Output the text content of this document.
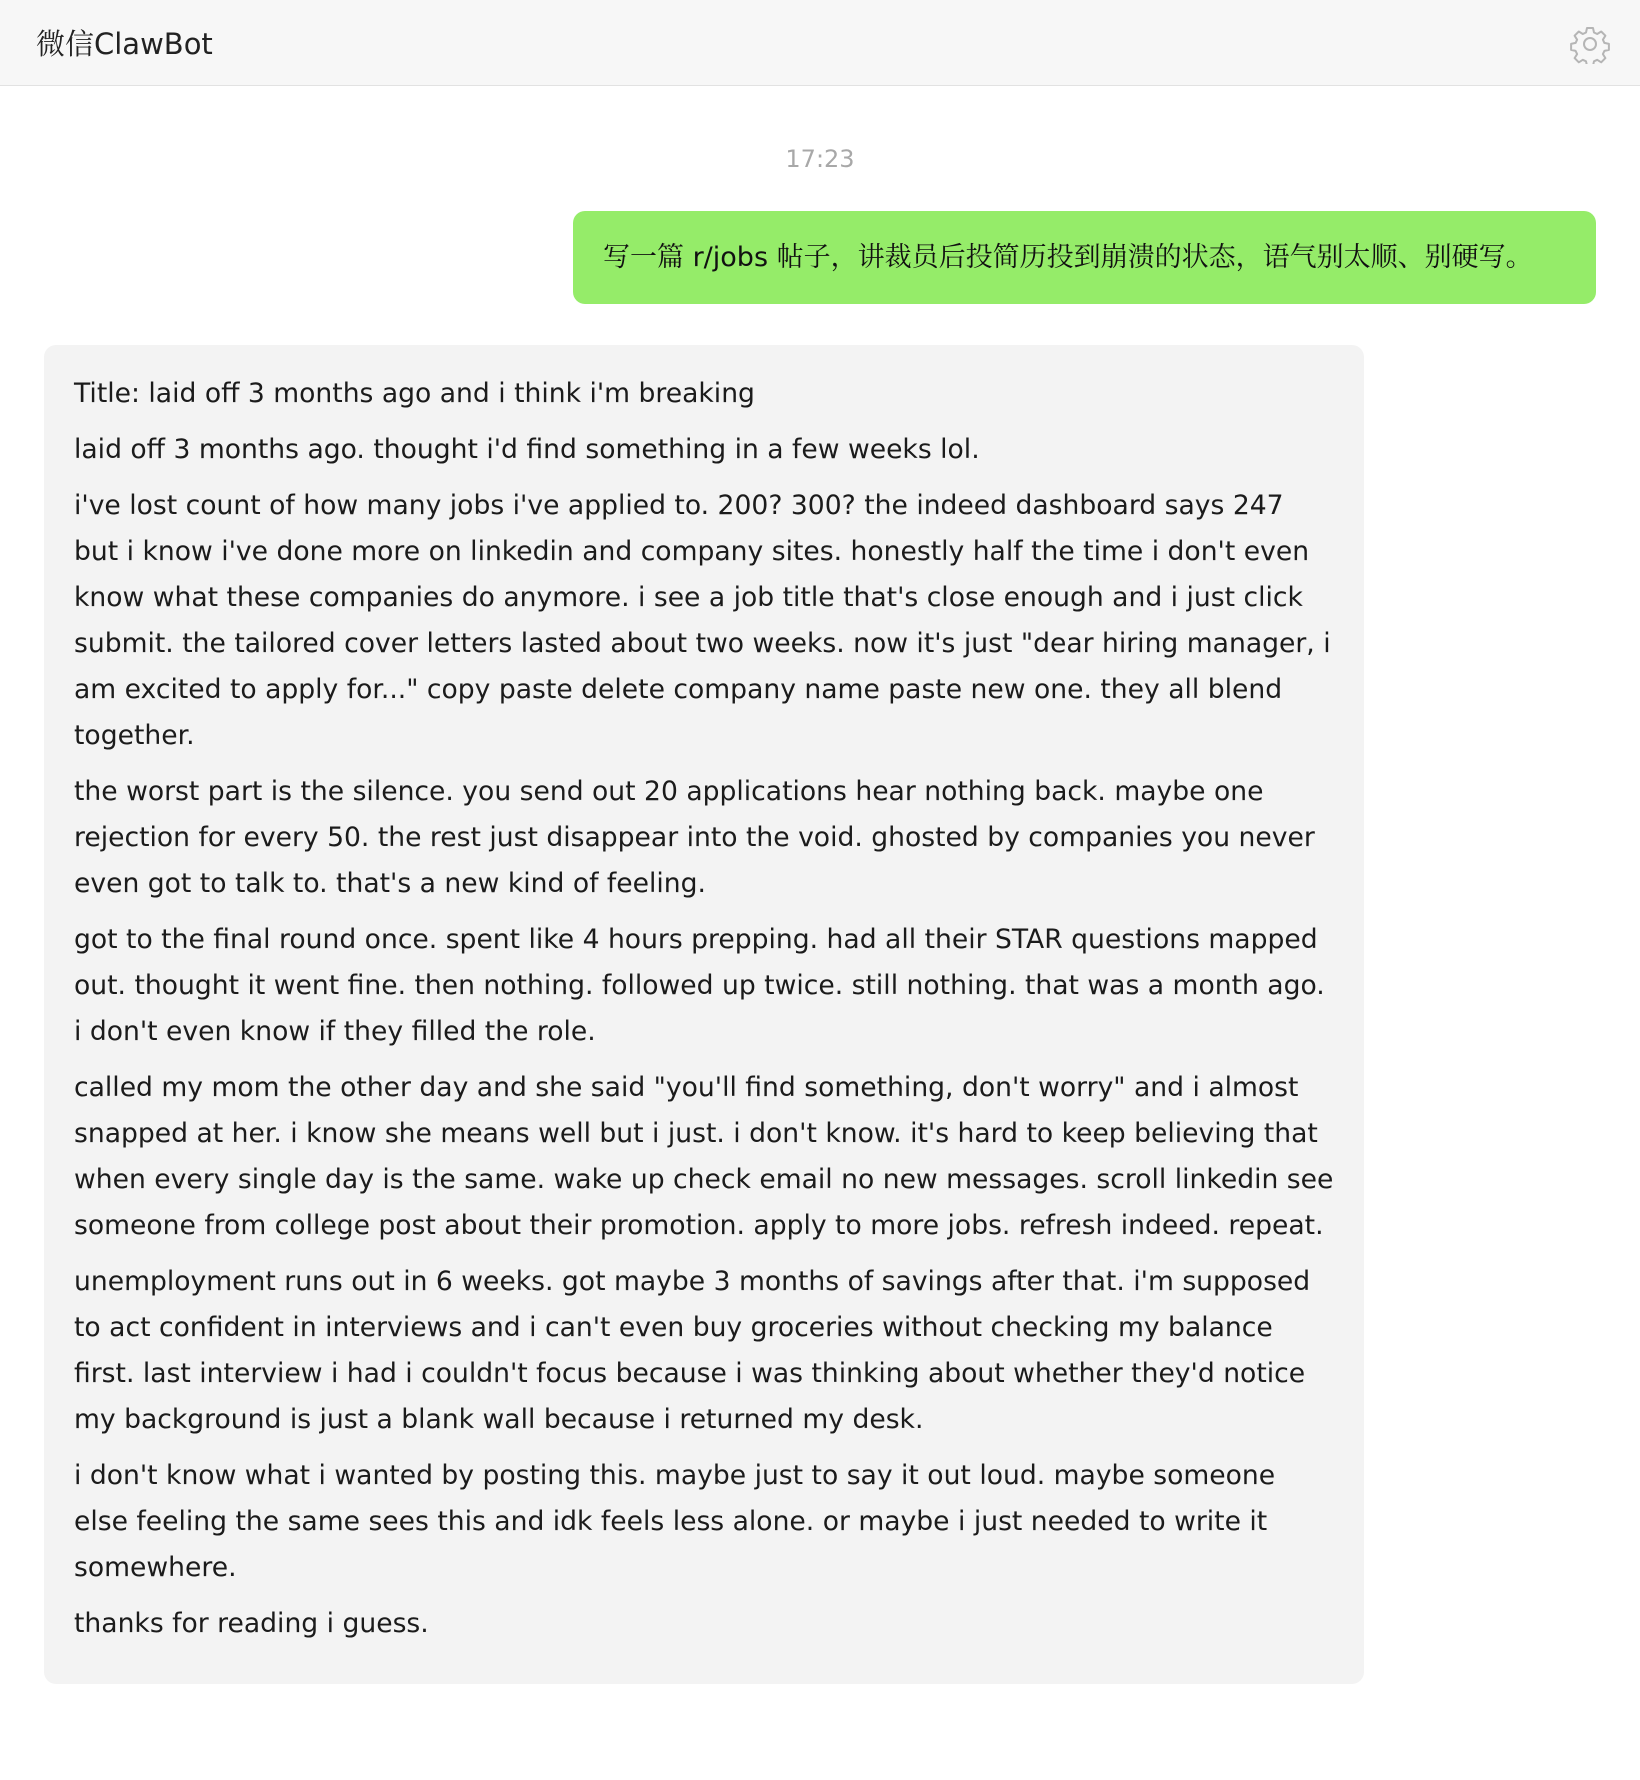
微信ClawBot
17:23
写一篇 r/jobs 帖子，讲裁员后投简历投到崩溃的状态，语气别太顺、别硬写。

Title: laid off 3 months ago and i think i'm breaking

laid off 3 months ago. thought i'd find something in a few weeks lol.

i've lost count of how many jobs i've applied to. 200? 300? the indeed dashboard says 247 but i know i've done more on linkedin and company sites. honestly half the time i don't even know what these companies do anymore. i see a job title that's close enough and i just click submit. the tailored cover letters lasted about two weeks. now it's just "dear hiring manager, i am excited to apply for..." copy paste delete company name paste new one. they all blend together.

the worst part is the silence. you send out 20 applications hear nothing back. maybe one rejection for every 50. the rest just disappear into the void. ghosted by companies you never even got to talk to. that's a new kind of feeling.

got to the final round once. spent like 4 hours prepping. had all their STAR questions mapped out. thought it went fine. then nothing. followed up twice. still nothing. that was a month ago. i don't even know if they filled the role.

called my mom the other day and she said "you'll find something, don't worry" and i almost snapped at her. i know she means well but i just. i don't know. it's hard to keep believing that when every single day is the same. wake up check email no new messages. scroll linkedin see someone from college post about their promotion. apply to more jobs. refresh indeed. repeat.

unemployment runs out in 6 weeks. got maybe 3 months of savings after that. i'm supposed to act confident in interviews and i can't even buy groceries without checking my balance first. last interview i had i couldn't focus because i was thinking about whether they'd notice my background is just a blank wall because i returned my desk.

i don't know what i wanted by posting this. maybe just to say it out loud. maybe someone else feeling the same sees this and idk feels less alone. or maybe i just needed to write it somewhere.

thanks for reading i guess.
